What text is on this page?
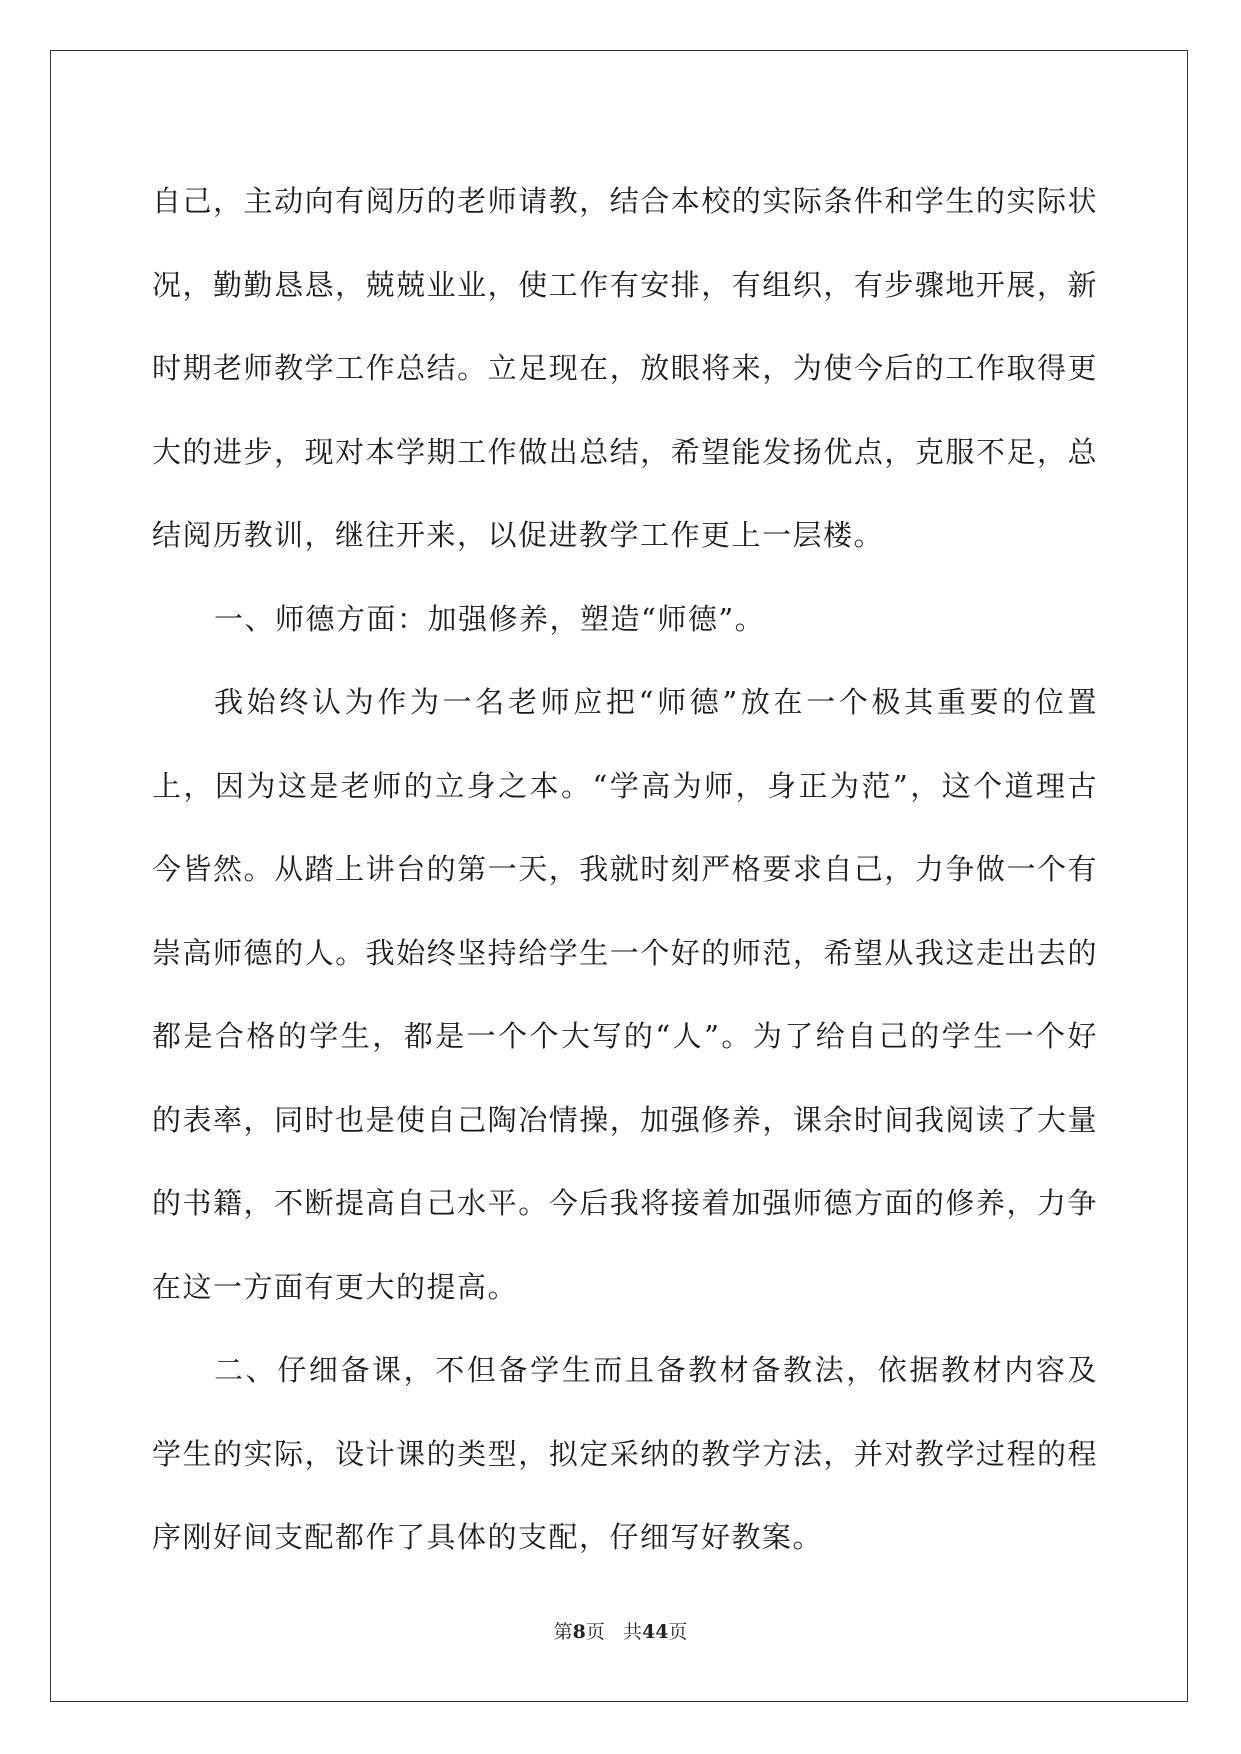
自己，主动向有阅历的老师请教，结合本校的实际条件和学生的实际状况，勤勤恳恳，兢兢业业，使工作有安排，有组织，有步骤地开展，新时期老师教学工作总结。立足现在，放眼将来，为使今后的工作取得更大的进步，现对本学期工作做出总结，希望能发扬优点，克服不足，总结阅历教训，继往开来，以促进教学工作更上一层楼。

一、师德方面：加强修养，塑造“师德”。

我始终认为作为一名老师应把“师德”放在一个极其重要的位置上，因为这是老师的立身之本。“学高为师，身正为范”，这个道理古今皆然。从踏上讲台的第一天，我就时刻严格要求自己，力争做一个有崇高师德的人。我始终坚持给学生一个好的师范，希望从我这走出去的都是合格的学生，都是一个个大写的“人”。为了给自己的学生一个好的表率，同时也是使自己陶冶情操，加强修养，课余时间我阅读了大量的书籍，不断提高自己水平。今后我将接着加强师德方面的修养，力争在这一方面有更大的提高。

二、仔细备课，不但备学生而且备教材备教法，依据教材内容及学生的实际，设计课的类型，拟定采纳的教学方法，并对教学过程的程序刚好间支配都作了具体的支配，仔细写好教案。

第8页 共44页
